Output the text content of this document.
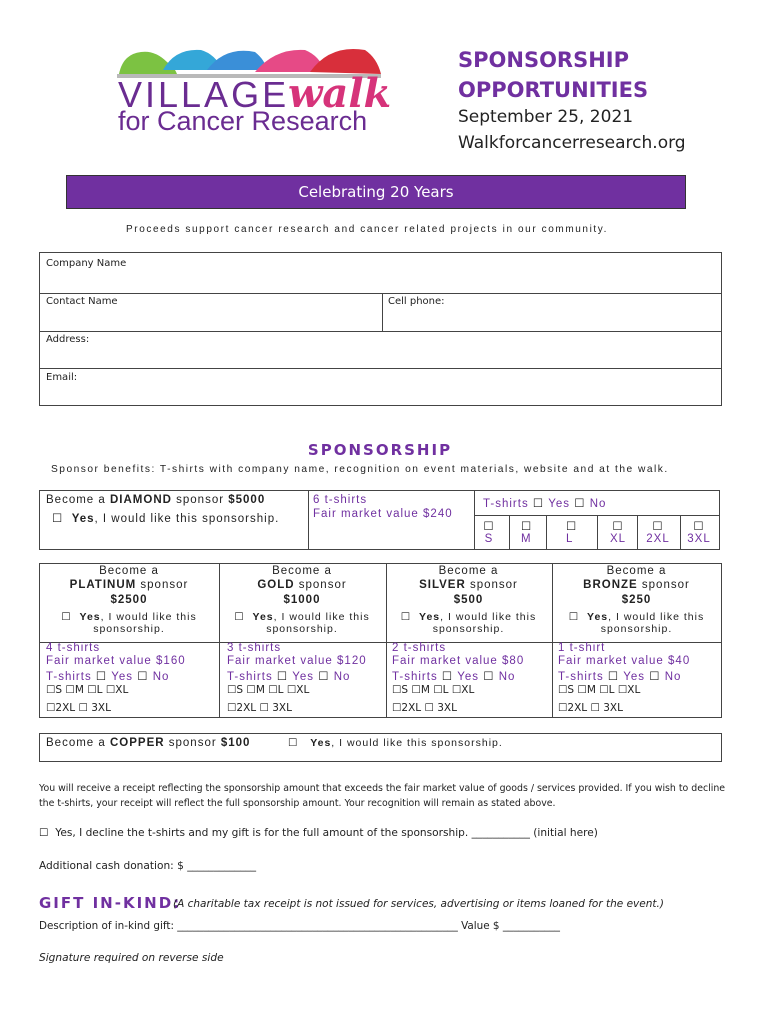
VILLAGE
walk
for Cancer Research
SPONSORSHIP
OPPORTUNITIES
September 25, 2021
Walkforcancerresearch.org
Celebrating 20 Years
Proceeds support cancer research and cancer related projects in our community.
Company Name
Contact Name	Cell phone:
Address:
Email:
SPONSORSHIP
Sponsor benefits: T-shirts with company name, recognition on event materials, website and at the walk.
Become a DIAMOND sponsor $5000
☐ Yes, I would like this sponsorship.
6 t-shirts
Fair market value $240
T-shirts ☐ Yes ☐ No
☐
S
☐
M
☐
L
☐
XL
☐
2XL
☐
3XL
Become a
PLATINUM sponsor
$2500
☐ Yes, I would like this
sponsorship.
4 t-shirts
Fair market value $160
T-shirts ☐ Yes ☐ No
☐S ☐M ☐L ☐XL
☐2XL ☐ 3XL
Become a
GOLD sponsor
$1000
☐ Yes, I would like this
sponsorship.
3 t-shirts
Fair market value $120
T-shirts ☐ Yes ☐ No
☐S ☐M ☐L ☐XL
☐2XL ☐ 3XL
Become a
SILVER sponsor
$500
☐ Yes, I would like this
sponsorship.
2 t-shirts
Fair market value $80
T-shirts ☐ Yes ☐ No
☐S ☐M ☐L ☐XL
☐2XL ☐ 3XL
Become a
BRONZE sponsor
$250
☐ Yes, I would like this
sponsorship.
1 t-shirt
Fair market value $40
T-shirts ☐ Yes ☐ No
☐S ☐M ☐L ☐XL
☐2XL ☐ 3XL
Become a COPPER sponsor $100	☐ Yes, I would like this sponsorship.
You will receive a receipt reflecting the sponsorship amount that exceeds the fair market value of goods / services provided. If you wish to decline
the t-shirts, your receipt will reflect the full sponsorship amount. Your recognition will remain as stated above.
☐ Yes, I decline the t-shirts and my gift is for the full amount of the sponsorship. ___________ (initial here)
Additional cash donation: $ _____________
GIFT IN-KIND:
(A charitable tax receipt is not issued for services, advertising or items loaned for the event.)
Description of in-kind gift: ______________________________________________________ Value $ ___________
Signature required on reverse side
